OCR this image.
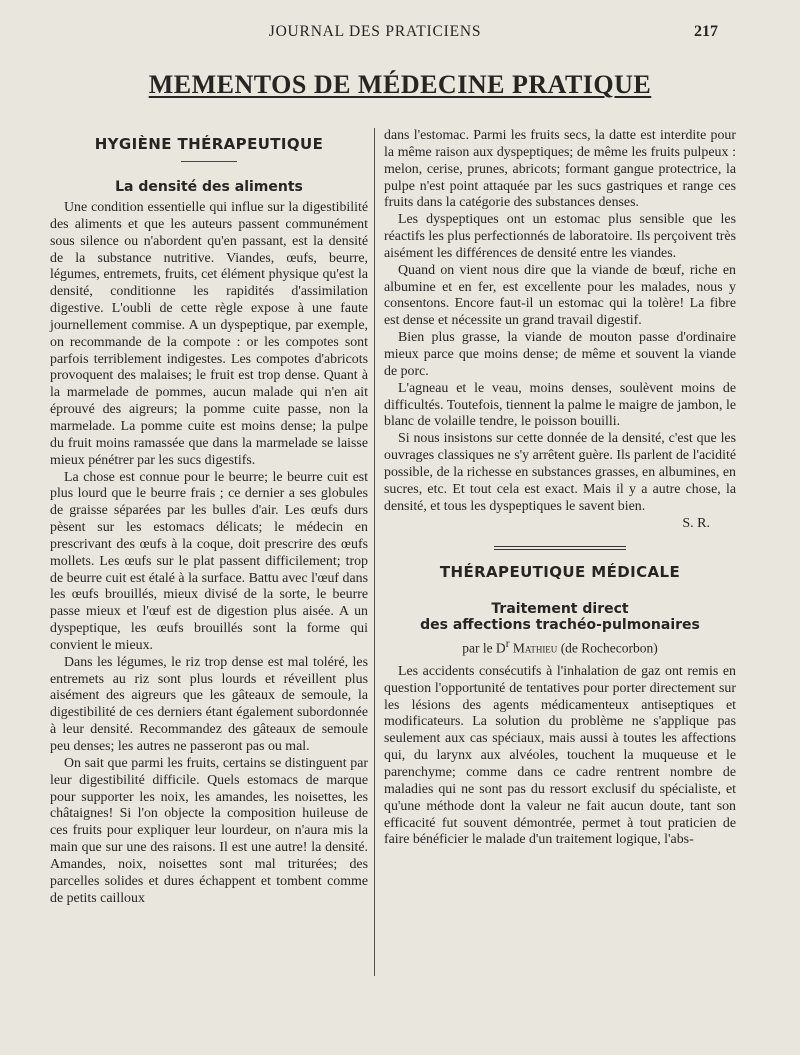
JOURNAL DES PRATICIENS	217
MEMENTOS DE MÉDECINE PRATIQUE
HYGIÈNE THÉRAPEUTIQUE
La densité des aliments

Une condition essentielle qui influe sur la digestibilité des aliments et que les auteurs passent communément sous silence ou n'abordent qu'en passant, est la densité de la substance nutritive. Viandes, œufs, beurre, légumes, entremets, fruits, cet élément physique qu'est la densité, conditionne les rapidités d'assimilation digestive. L'oubli de cette règle expose à une faute journellement commise. A un dyspeptique, par exemple, on recommande de la compote : or les compotes sont parfois terriblement indigestes. Les compotes d'abricots provoquent des malaises; le fruit est trop dense. Quant à la marmelade de pommes, aucun malade qui n'en ait éprouvé des aigreurs; la pomme cuite passe, non la marmelade. La pomme cuite est moins dense; la pulpe du fruit moins ramassée que dans la marmelade se laisse mieux pénétrer par les sucs digestifs.

La chose est connue pour le beurre; le beurre cuit est plus lourd que le beurre frais ; ce dernier a ses globules de graisse séparées par les bulles d'air. Les œufs durs pèsent sur les estomacs délicats; le médecin en prescrivant des œufs à la coque, doit prescrire des œufs mollets. Les œufs sur le plat passent difficilement; trop de beurre cuit est étalé à la surface. Battu avec l'œuf dans les œufs brouillés, mieux divisé de la sorte, le beurre passe mieux et l'œuf est de digestion plus aisée. A un dyspeptique, les œufs brouillés sont la forme qui convient le mieux.

Dans les légumes, le riz trop dense est mal toléré, les entremets au riz sont plus lourds et réveillent plus aisément des aigreurs que les gâteaux de semoule, la digestibilité de ces derniers étant également subordonnée à leur densité. Recommandez des gâteaux de semoule peu denses; les autres ne passeront pas ou mal.

On sait que parmi les fruits, certains se distinguent par leur digestibilité difficile. Quels estomacs de marque pour supporter les noix, les amandes, les noisettes, les châtaignes! Si l'on objecte la composition huileuse de ces fruits pour expliquer leur lourdeur, on n'aura mis la main que sur une des raisons. Il est une autre! la densité. Amandes, noix, noisettes sont mal triturées; des parcelles solides et dures échappent et tombent comme de petits cailloux

dans l'estomac. Parmi les fruits secs, la datte est interdite pour la même raison aux dyspeptiques; de même les fruits pulpeux : melon, cerise, prunes, abricots; formant gangue protectrice, la pulpe n'est point attaquée par les sucs gastriques et range ces fruits dans la catégorie des substances denses.

Les dyspeptiques ont un estomac plus sensible que les réactifs les plus perfectionnés de laboratoire. Ils perçoivent très aisément les différences de densité entre les viandes.

Quand on vient nous dire que la viande de bœuf, riche en albumine et en fer, est excellente pour les malades, nous y consentons. Encore faut-il un estomac qui la tolère! La fibre est dense et nécessite un grand travail digestif.

Bien plus grasse, la viande de mouton passe d'ordinaire mieux parce que moins dense; de même et souvent la viande de porc.

L'agneau et le veau, moins denses, soulèvent moins de difficultés. Toutefois, tiennent la palme le maigre de jambon, le blanc de volaille tendre, le poisson bouilli.

Si nous insistons sur cette donnée de la densité, c'est que les ouvrages classiques ne s'y arrêtent guère. Ils parlent de l'acidité possible, de la richesse en substances grasses, en albumines, en sucres, etc. Et tout cela est exact. Mais il y a autre chose, la densité, et tous les dyspeptiques le savent bien.

S. R.

THÉRAPEUTIQUE MÉDICALE
Traitement direct
des affections trachéo-pulmonaires

par le $D^r$ Mathieu (de Rochecorbon)

Les accidents consécutifs à l'inhalation de gaz ont remis en question l'opportunité de tentatives pour porter directement sur les lésions des agents médicamenteux antiseptiques et modificateurs. La solution du problème ne s'applique pas seulement aux cas spéciaux, mais aussi à toutes les affections qui, du larynx aux alvéoles, touchent la muqueuse et le parenchyme; comme dans ce cadre rentrent nombre de maladies qui ne sont pas du ressort exclusif du spécialiste, et qu'une méthode dont la valeur ne fait aucun doute, tant son efficacité fut souvent démontrée, permet à tout praticien de faire bénéficier le malade d'un traitement logique, l'abs-
